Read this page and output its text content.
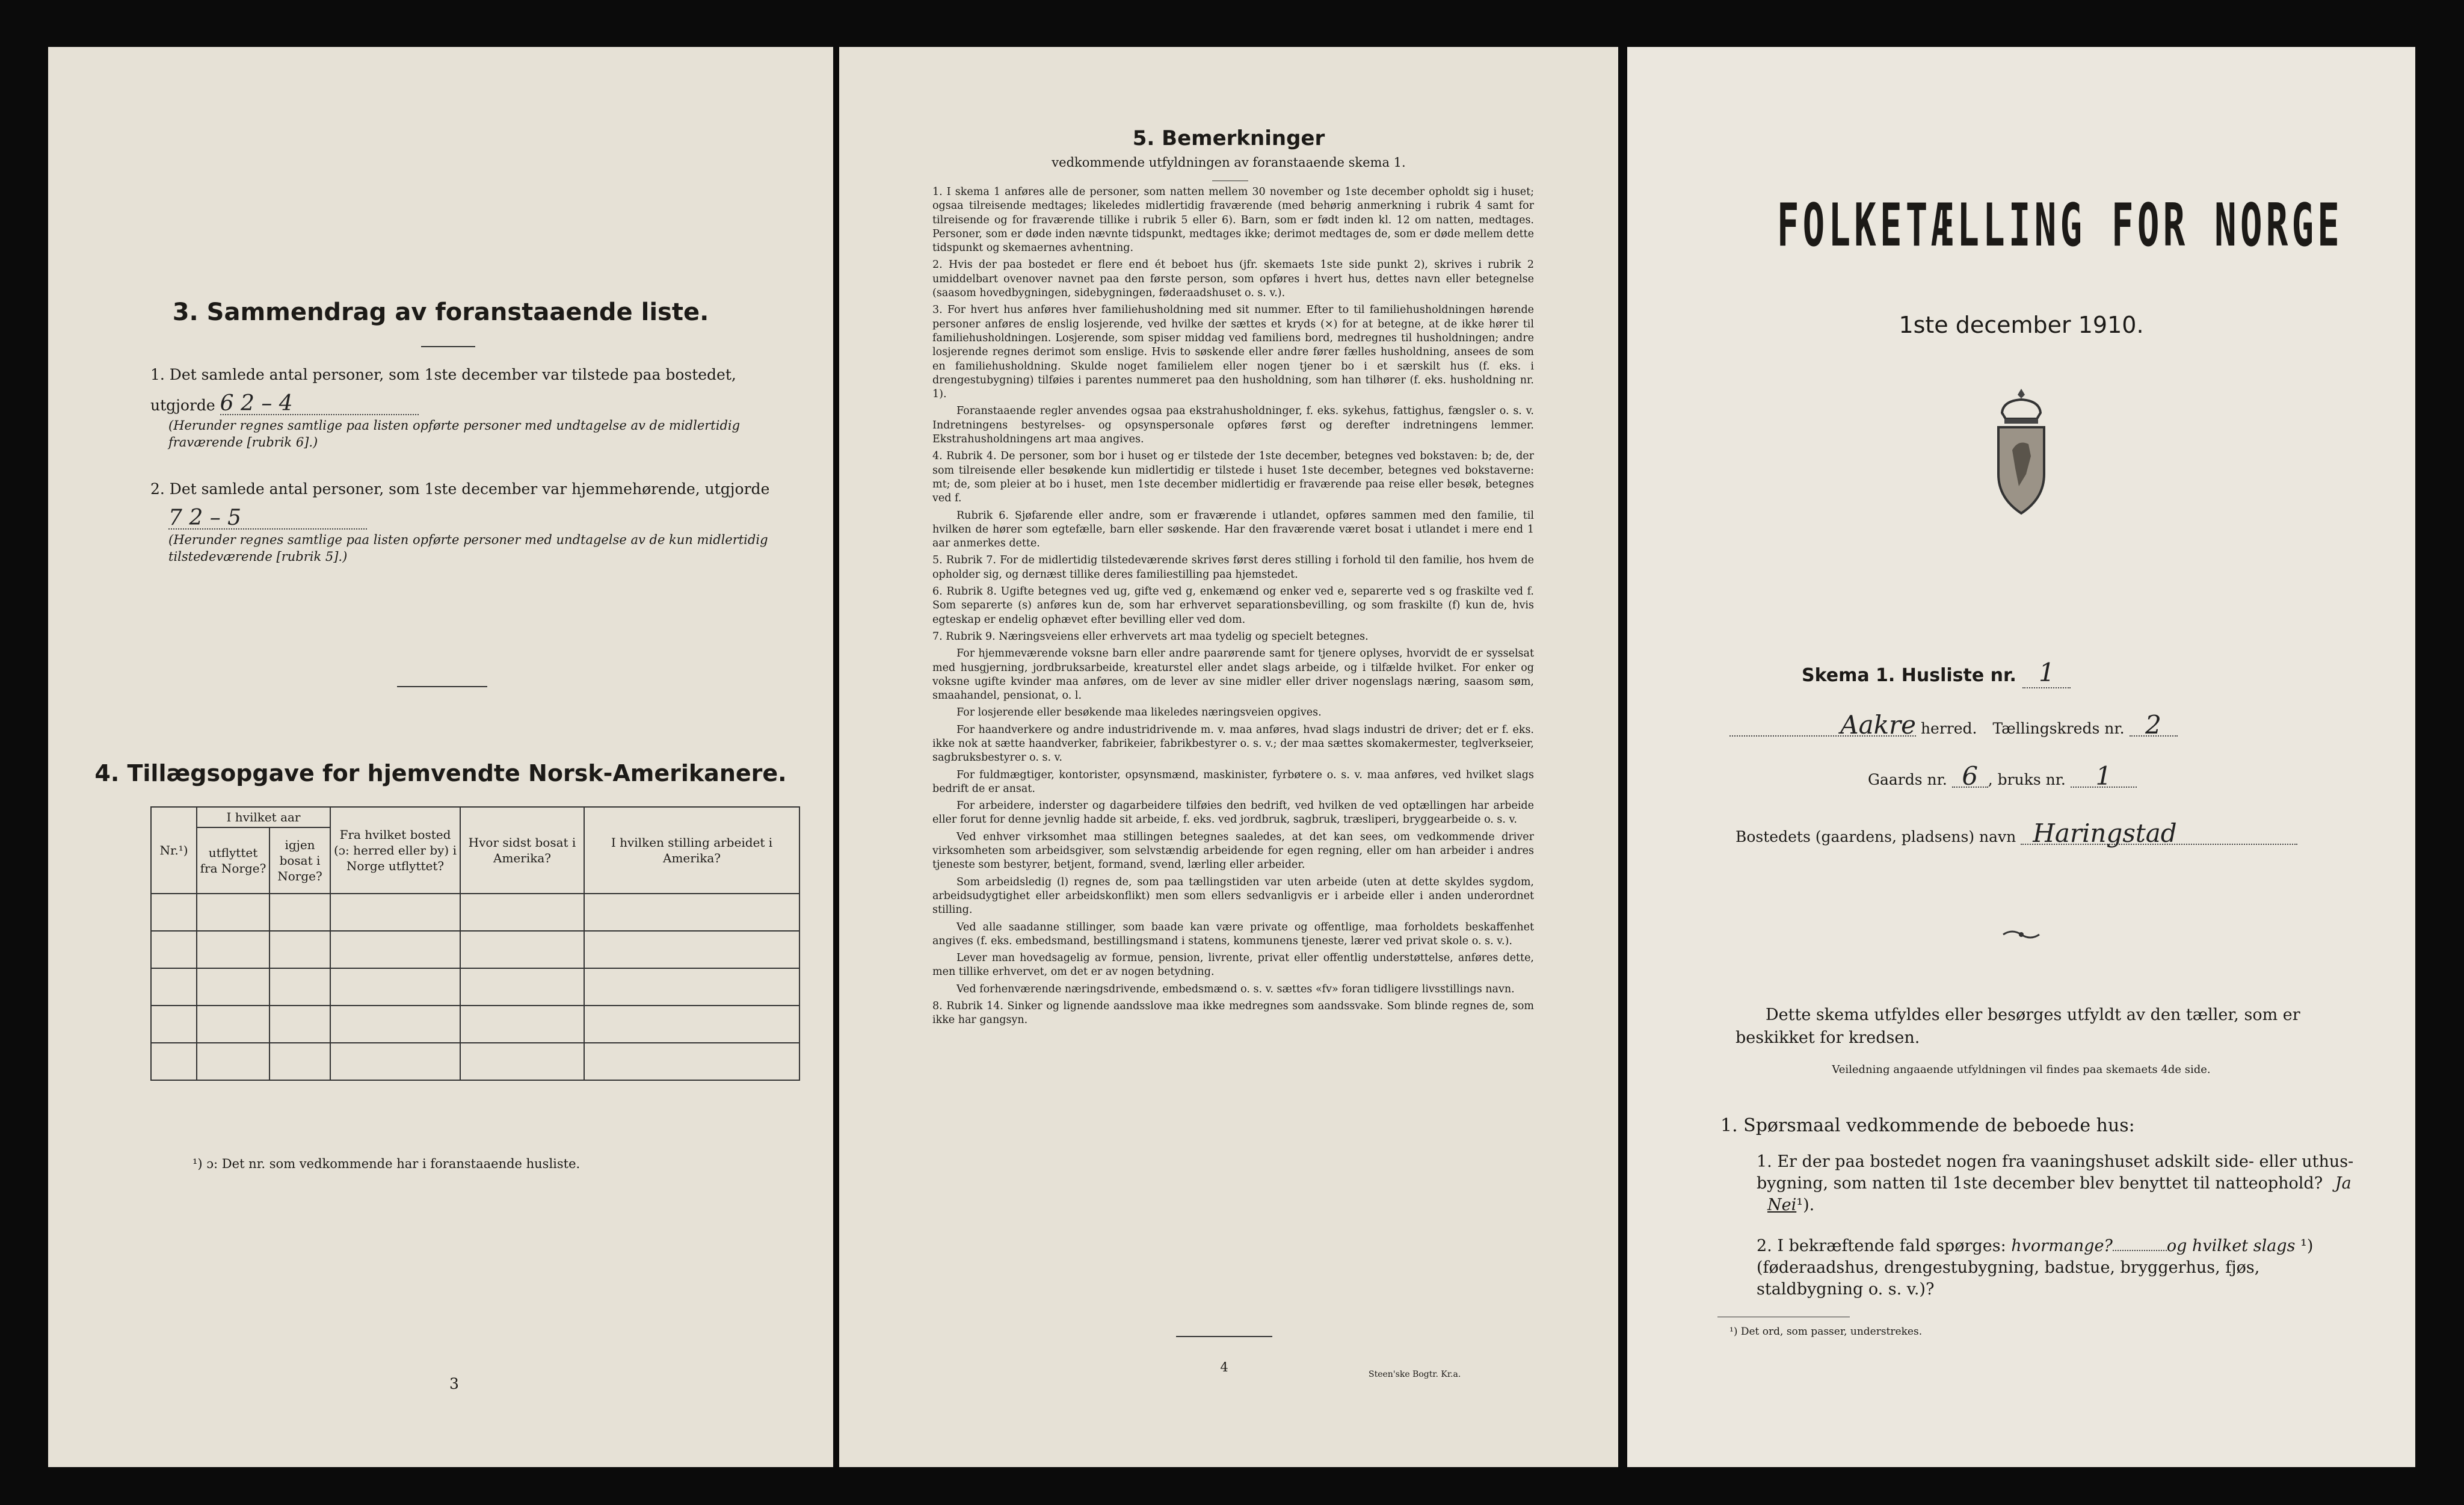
3. Sammendrag av foranstaaende liste.
1. Det samlede antal personer, som 1ste december var tilstede paa bostedet,
utgjorde 6 2 – 4
(Herunder regnes samtlige paa listen opførte personer med undtagelse av de midlertidig fraværende [rubrik 6].)
2. Det samlede antal personer, som 1ste december var hjemmehørende, utgjorde
7 2 – 5
(Herunder regnes samtlige paa listen opførte personer med undtagelse av de kun midlertidig tilstedeværende [rubrik 5].)
4. Tillægsopgave for hjemvendte Norsk-Amerikanere.
Nr.¹)	I hvilket aar		Fra hvilket bosted (ɔ: herred eller by) i Norge utflyttet?	Hvor sidst bosat i Amerika?	I hvilken stilling arbeidet i Amerika?
	utflyttet fra Norge?	igjen bosat i Norge?			

¹) ɔ: Det nr. som vedkommende har i foranstaaende husliste.
3
5. Bemerkninger
vedkommende utfyldningen av foranstaaende skema 1.

1. I skema 1 anføres alle de personer, som natten mellem 30 november og 1ste december opholdt sig i huset; ogsaa tilreisende medtages; likeledes midlertidig fraværende (med behørig anmerkning i rubrik 4 samt for tilreisende og for fraværende tillike i rubrik 5 eller 6). Barn, som er født inden kl. 12 om natten, medtages. Personer, som er døde inden nævnte tidspunkt, medtages ikke; derimot medtages de, som er døde mellem dette tidspunkt og skemaernes avhentning.

2. Hvis der paa bostedet er flere end ét beboet hus (jfr. skemaets 1ste side punkt 2), skrives i rubrik 2 umiddelbart ovenover navnet paa den første person, som opføres i hvert hus, dettes navn eller betegnelse (saasom hovedbygningen, sidebygningen, føderaadshuset o. s. v.).

3. For hvert hus anføres hver familiehusholdning med sit nummer. Efter to til familiehusholdningen hørende personer anføres de enslig losjerende, ved hvilke der sættes et kryds (×) for at betegne, at de ikke hører til familiehusholdningen. Losjerende, som spiser middag ved familiens bord, medregnes til husholdningen; andre losjerende regnes derimot som enslige. Hvis to søskende eller andre fører fælles husholdning, ansees de som en familiehusholdning. Skulde noget familielem eller nogen tjener bo i et særskilt hus (f. eks. i drengestubygning) tilføies i parentes nummeret paa den husholdning, som han tilhører (f. eks. husholdning nr. 1).

Foranstaaende regler anvendes ogsaa paa ekstrahusholdninger, f. eks. sykehus, fattighus, fængsler o. s. v. Indretningens bestyrelses- og opsynspersonale opføres først og derefter indretningens lemmer. Ekstrahusholdningens art maa angives.

4. Rubrik 4. De personer, som bor i huset og er tilstede der 1ste december, betegnes ved bokstaven: b; de, der som tilreisende eller besøkende kun midlertidig er tilstede i huset 1ste december, betegnes ved bokstaverne: mt; de, som pleier at bo i huset, men 1ste december midlertidig er fraværende paa reise eller besøk, betegnes ved f.

Rubrik 6. Sjøfarende eller andre, som er fraværende i utlandet, opføres sammen med den familie, til hvilken de hører som egtefælle, barn eller søskende. Har den fraværende været bosat i utlandet i mere end 1 aar anmerkes dette.

5. Rubrik 7. For de midlertidig tilstedeværende skrives først deres stilling i forhold til den familie, hos hvem de opholder sig, og dernæst tillike deres familiestilling paa hjemstedet.

6. Rubrik 8. Ugifte betegnes ved ug, gifte ved g, enkemænd og enker ved e, separerte ved s og fraskilte ved f. Som separerte (s) anføres kun de, som har erhvervet separationsbevilling, og som fraskilte (f) kun de, hvis egteskap er endelig ophævet efter bevilling eller ved dom.

7. Rubrik 9. Næringsveiens eller erhvervets art maa tydelig og specielt betegnes.

For hjemmeværende voksne barn eller andre paarørende samt for tjenere oplyses, hvorvidt de er sysselsat med husgjerning, jordbruksarbeide, kreaturstel eller andet slags arbeide, og i tilfælde hvilket. For enker og voksne ugifte kvinder maa anføres, om de lever av sine midler eller driver nogenslags næring, saasom søm, smaahandel, pensionat, o. l.

For losjerende eller besøkende maa likeledes næringsveien opgives.

For haandverkere og andre industridrivende m. v. maa anføres, hvad slags industri de driver; det er f. eks. ikke nok at sætte haandverker, fabrikeier, fabrikbestyrer o. s. v.; der maa sættes skomakermester, teglverkseier, sagbruksbestyrer o. s. v.

For fuldmægtiger, kontorister, opsynsmænd, maskinister, fyrbøtere o. s. v. maa anføres, ved hvilket slags bedrift de er ansat.

For arbeidere, inderster og dagarbeidere tilføies den bedrift, ved hvilken de ved optællingen har arbeide eller forut for denne jevnlig hadde sit arbeide, f. eks. ved jordbruk, sagbruk, træsliperi, bryggearbeide o. s. v.

Ved enhver virksomhet maa stillingen betegnes saaledes, at det kan sees, om vedkommende driver virksomheten som arbeidsgiver, som selvstændig arbeidende for egen regning, eller om han arbeider i andres tjeneste som bestyrer, betjent, formand, svend, lærling eller arbeider.

Som arbeidsledig (l) regnes de, som paa tællingstiden var uten arbeide (uten at dette skyldes sygdom, arbeidsudygtighet eller arbeidskonflikt) men som ellers sedvanligvis er i arbeide eller i anden underordnet stilling.

Ved alle saadanne stillinger, som baade kan være private og offentlige, maa forholdets beskaffenhet angives (f. eks. embedsmand, bestillingsmand i statens, kommunens tjeneste, lærer ved privat skole o. s. v.).

Lever man hovedsagelig av formue, pension, livrente, privat eller offentlig understøttelse, anføres dette, men tillike erhvervet, om det er av nogen betydning.

Ved forhenværende næringsdrivende, embedsmænd o. s. v. sættes «fv» foran tidligere livsstillings navn.

8. Rubrik 14. Sinker og lignende aandsslove maa ikke medregnes som aandssvake. Som blinde regnes de, som ikke har gangsyn.

4	Steen'ske Bogtr. Kr.a.
FOLKETÆLLING FOR NORGE
1ste december 1910.
Skema 1. Husliste nr. 1
Aakre herred. Tællingskreds nr. 2
Gaards nr. 6 , bruks nr. 1
Bostedets (gaardens, pladsens) navn Haringstad
Dette skema utfyldes eller besørges utfyldt av den tæller, som er beskikket for kredsen.
Veiledning angaaende utfyldningen vil findes paa skemaets 4de side.
1. Spørsmaal vedkommende de beboede hus:
1. Er der paa bostedet nogen fra vaaningshuset adskilt side- eller uthus-bygning, som natten til 1ste december blev benyttet til natteophold? Ja Nei¹).
2. I bekræftende fald spørges: hvormange?	og hvilket slags ¹) (føderaadshus, drengestubygning, badstue, bryggerhus, fjøs, staldbygning o. s. v.)?
¹) Det ord, som passer, understrekes.
